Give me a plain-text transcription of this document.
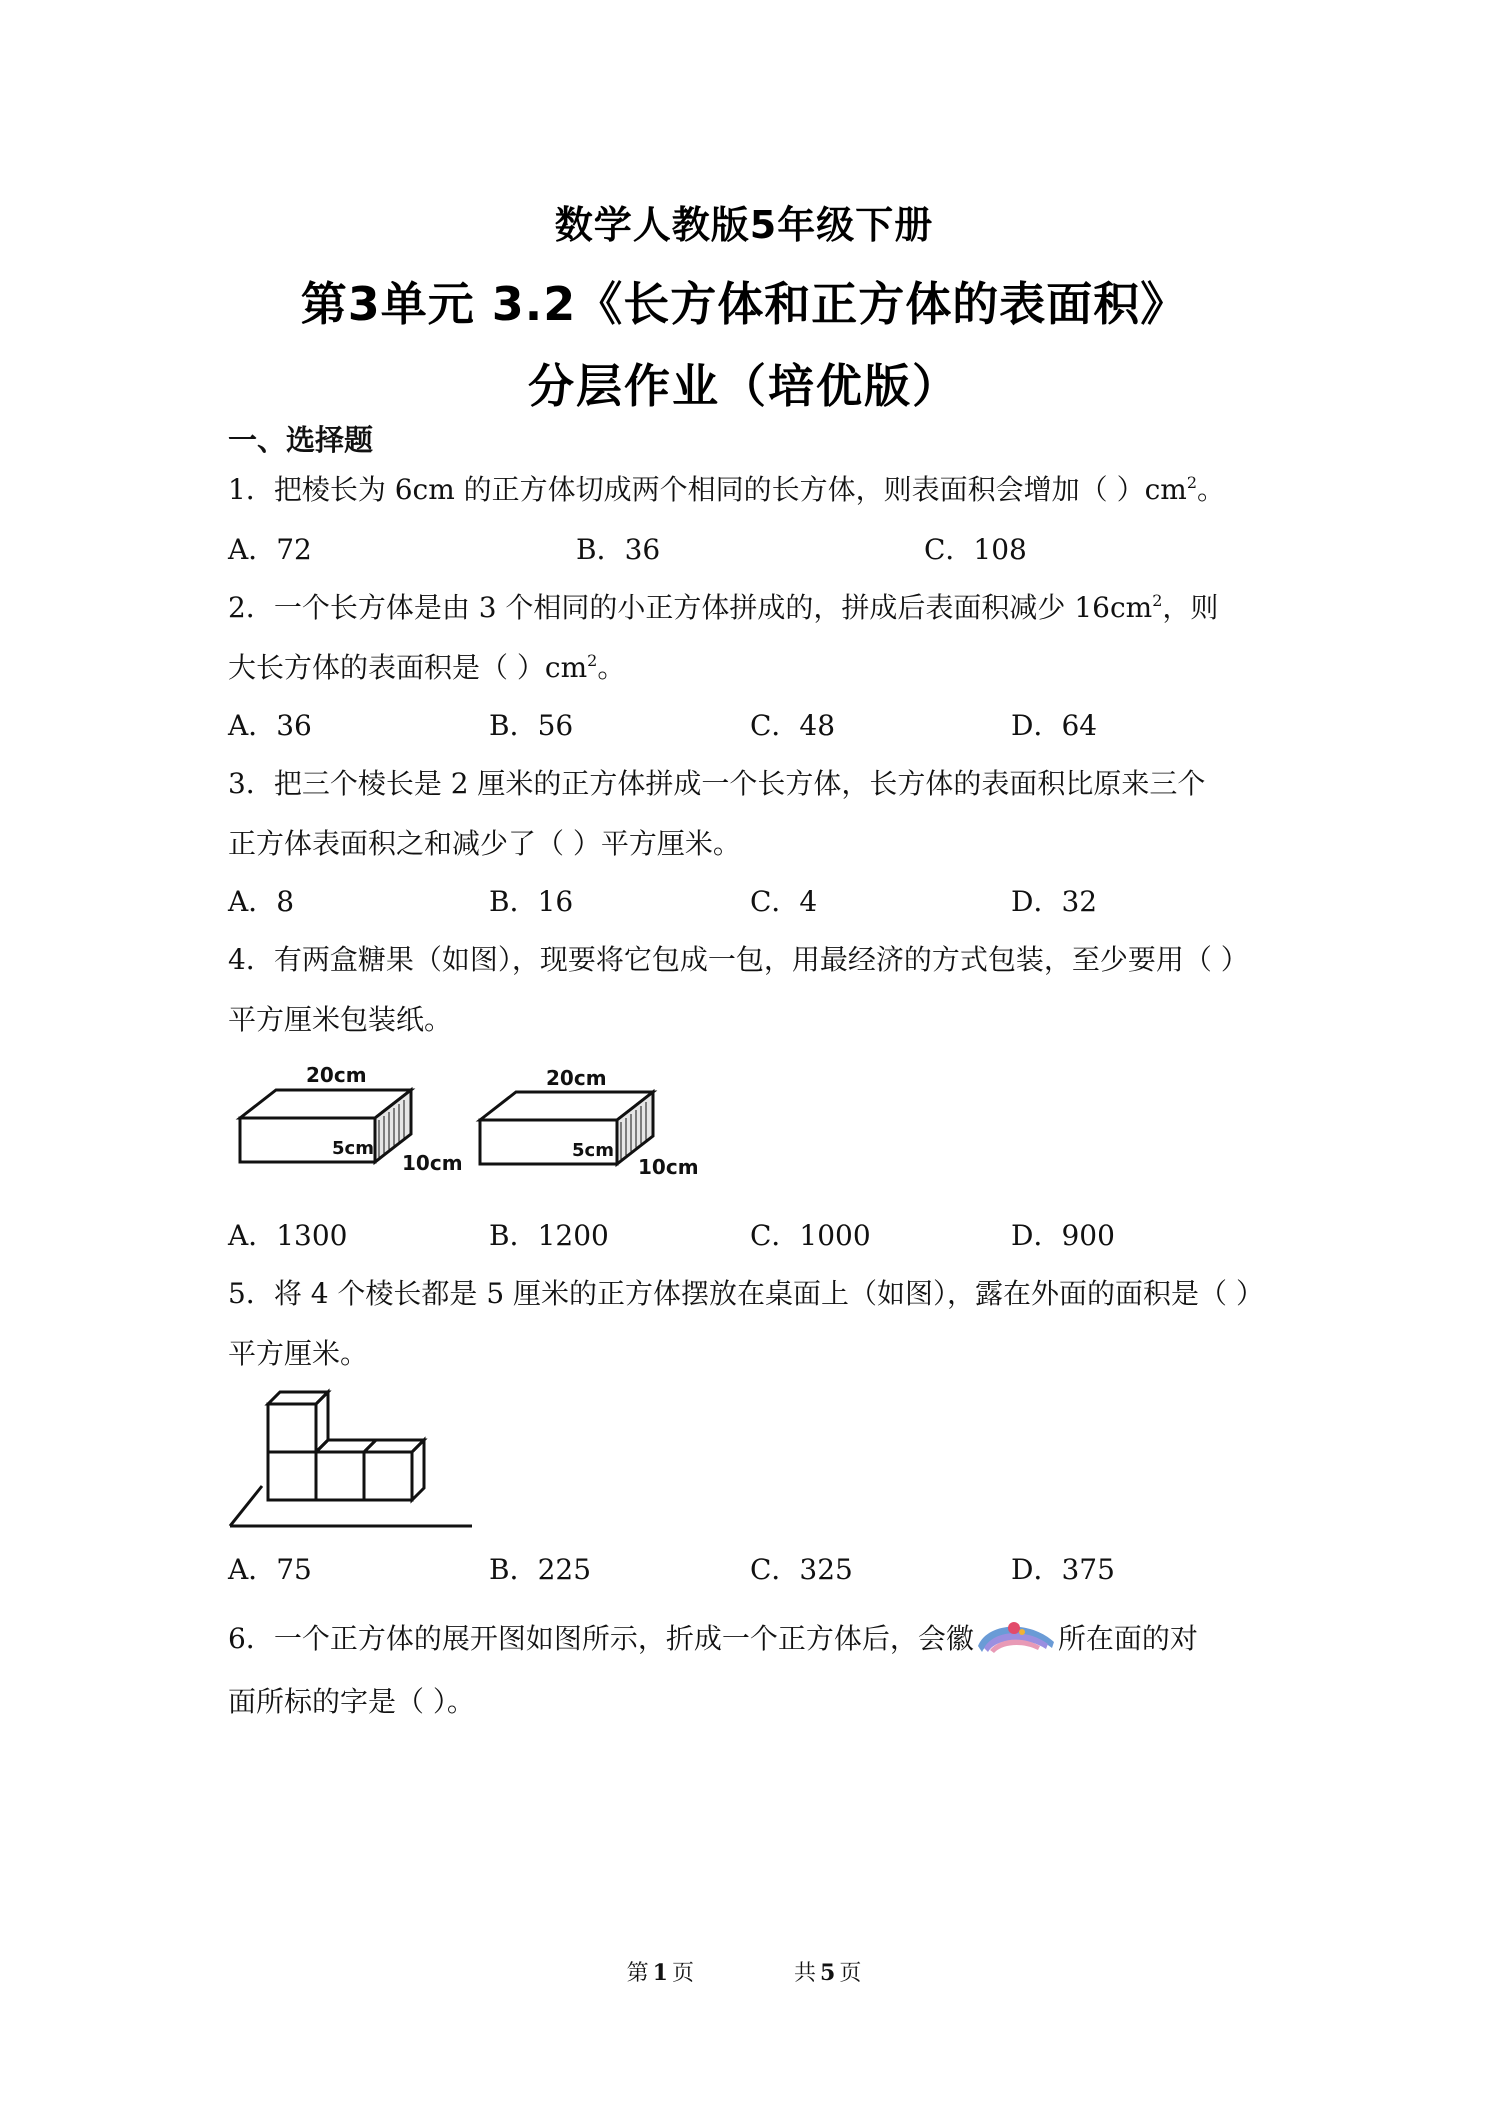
数学人教版5年级下册
第3单元 3.2《长方体和正方体的表面积》
分层作业（培优版）
一、选择题
1．把棱长为 6cm 的正方体切成两个相同的长方体，则表面积会增加（ ）$cm^2$。
A．72	B．36	C．108
2．一个长方体是由 3 个相同的小正方体拼成的，拼成后表面积减少 $16cm^2$，则
大长方体的表面积是（ ）$cm^2$。
A．36	B．56	C．48	D．64
3．把三个棱长是 2 厘米的正方体拼成一个长方体，长方体的表面积比原来三个
正方体表面积之和减少了（ ）平方厘米。
A．8	B．16	C．4	D．32
4．有两盒糖果（如图），现要将它包成一包，用最经济的方式包装，至少要用（ ）
平方厘米包装纸。
20cm
5cm
10cm
20cm
5cm
10cm
A．1300	B．1200	C．1000	D．900
5．将 4 个棱长都是 5 厘米的正方体摆放在桌面上（如图），露在外面的面积是（ ）
平方厘米。
A．75	B．225	C．325	D．375
6．一个正方体的展开图如图所示，折成一个正方体后，会徽	所在面的对
面所标的字是（ ）。
第 1 页	共 5 页
